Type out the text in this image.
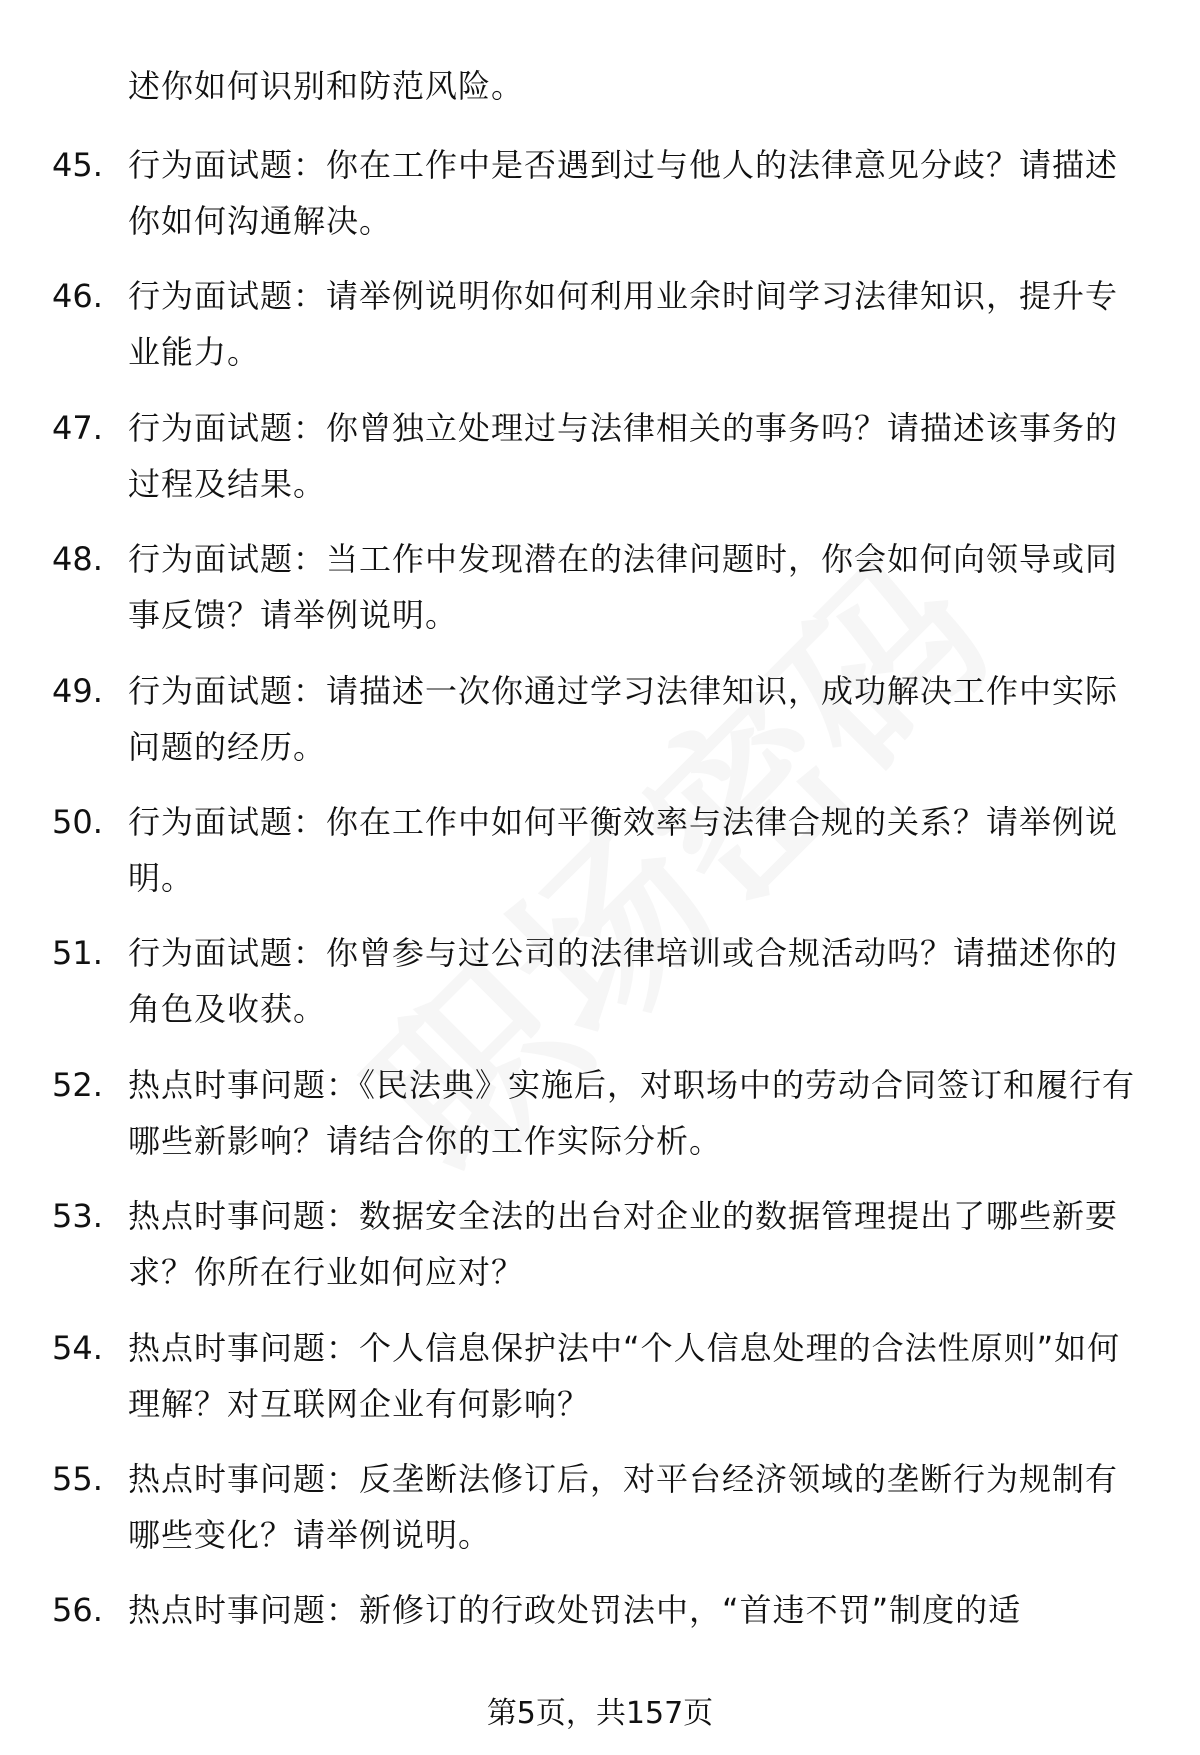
述你如何识别和防范风险。
45. 行为面试题：你在工作中是否遇到过与他人的法律意见分歧？请描述你如何沟通解决。
46. 行为面试题：请举例说明你如何利用业余时间学习法律知识，提升专业能力。
47. 行为面试题：你曾独立处理过与法律相关的事务吗？请描述该事务的过程及结果。
48. 行为面试题：当工作中发现潜在的法律问题时，你会如何向领导或同事反馈？请举例说明。
49. 行为面试题：请描述一次你通过学习法律知识，成功解决工作中实际问题的经历。
50. 行为面试题：你在工作中如何平衡效率与法律合规的关系？请举例说明。
51. 行为面试题：你曾参与过公司的法律培训或合规活动吗？请描述你的角色及收获。
52. 热点时事问题：《民法典》实施后，对职场中的劳动合同签订和履行有哪些新影响？请结合你的工作实际分析。
53. 热点时事问题：数据安全法的出台对企业的数据管理提出了哪些新要求？你所在行业如何应对？
54. 热点时事问题：个人信息保护法中“个人信息处理的合法性原则”如何理解？对互联网企业有何影响？
55. 热点时事问题：反垄断法修订后，对平台经济领域的垄断行为规制有哪些变化？请举例说明。
56. 热点时事问题：新修订的行政处罚法中，“首违不罚”制度的适
第5页，共157页
